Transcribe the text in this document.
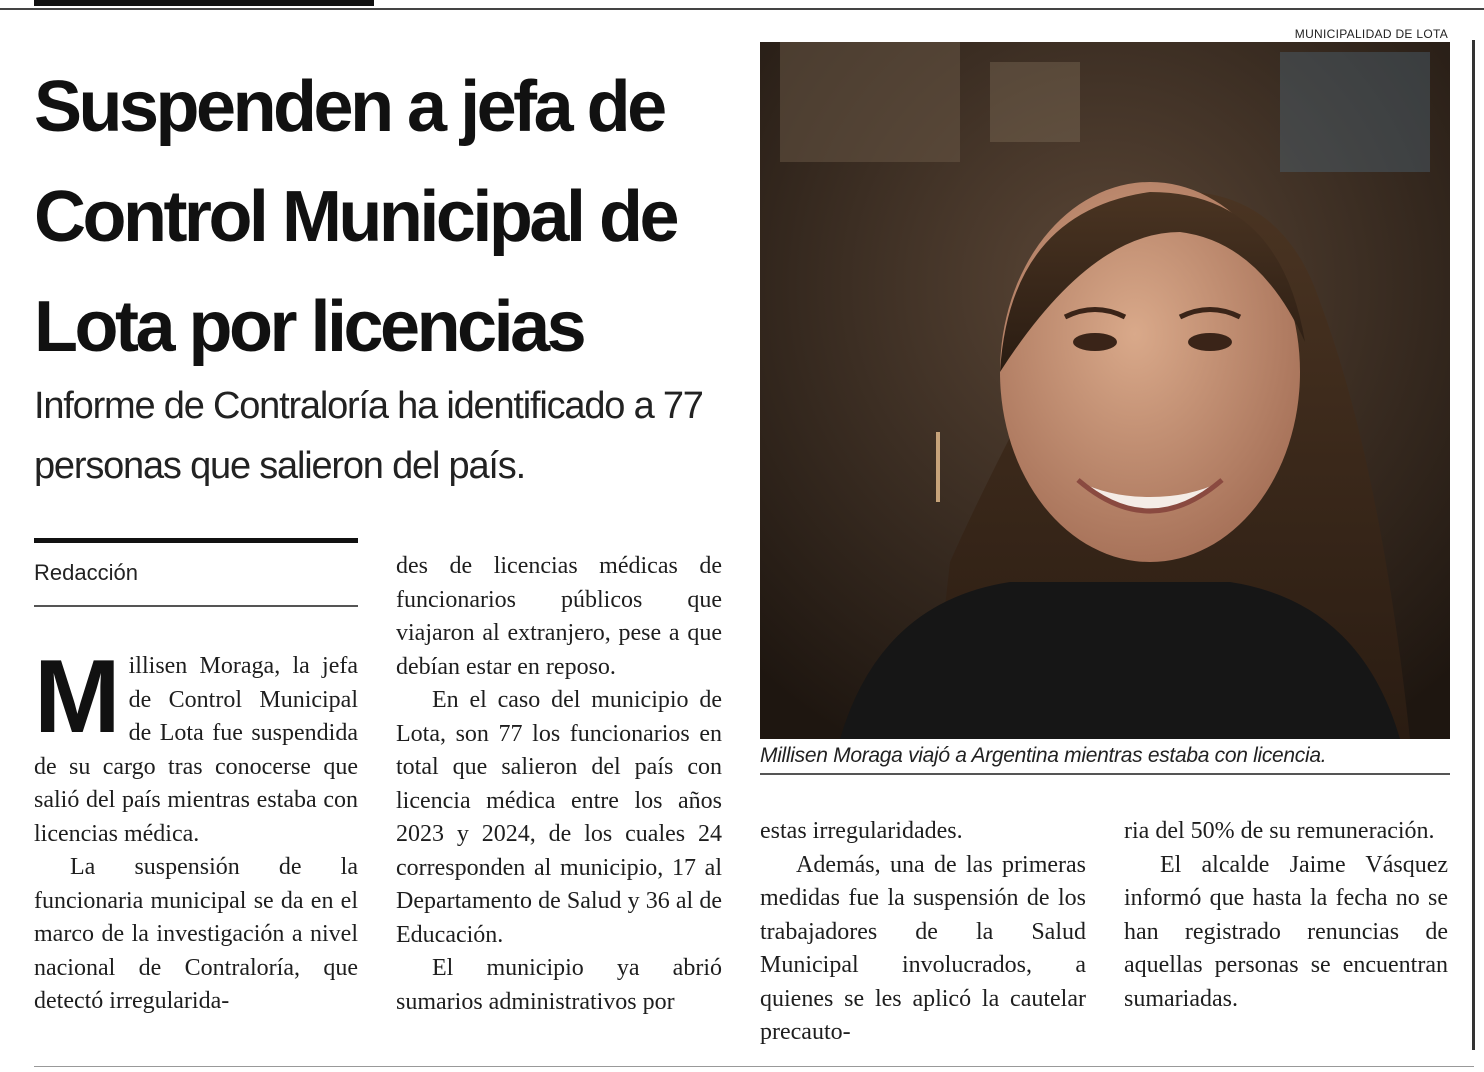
MUNICIPALIDAD DE LOTA
Suspenden a jefa de Control Municipal de Lota por licencias
Informe de Contraloría ha identificado a 77 personas que salieron del país.
Redacción

Millisen Moraga, la jefa de Control Municipal de Lota fue suspendida de su cargo tras conocerse que salió del país mientras estaba con licencias médica.

La suspensión de la funcionaria municipal se da en el marco de la investigación a nivel nacional de Contraloría, que detectó irregularida-

des de licencias médicas de funcionarios públicos que viajaron al extranjero, pese a que debían estar en reposo.

En el caso del municipio de Lota, son 77 los funcionarios en total que salieron del país con licencia médica entre los años 2023 y 2024, de los cuales 24 corresponden al municipio, 17 al Departamento de Salud y 36 al de Educación.

El municipio ya abrió sumarios administrativos por

Millisen Moraga viajó a Argentina mientras estaba con licencia.

estas irregularidades.

Además, una de las primeras medidas fue la suspensión de los trabajadores de la Salud Municipal involucrados, a quienes se les aplicó la cautelar precauto-

ria del 50% de su remuneración.

El alcalde Jaime Vásquez informó que hasta la fecha no se han registrado renuncias de aquellas personas se encuentran sumariadas.
